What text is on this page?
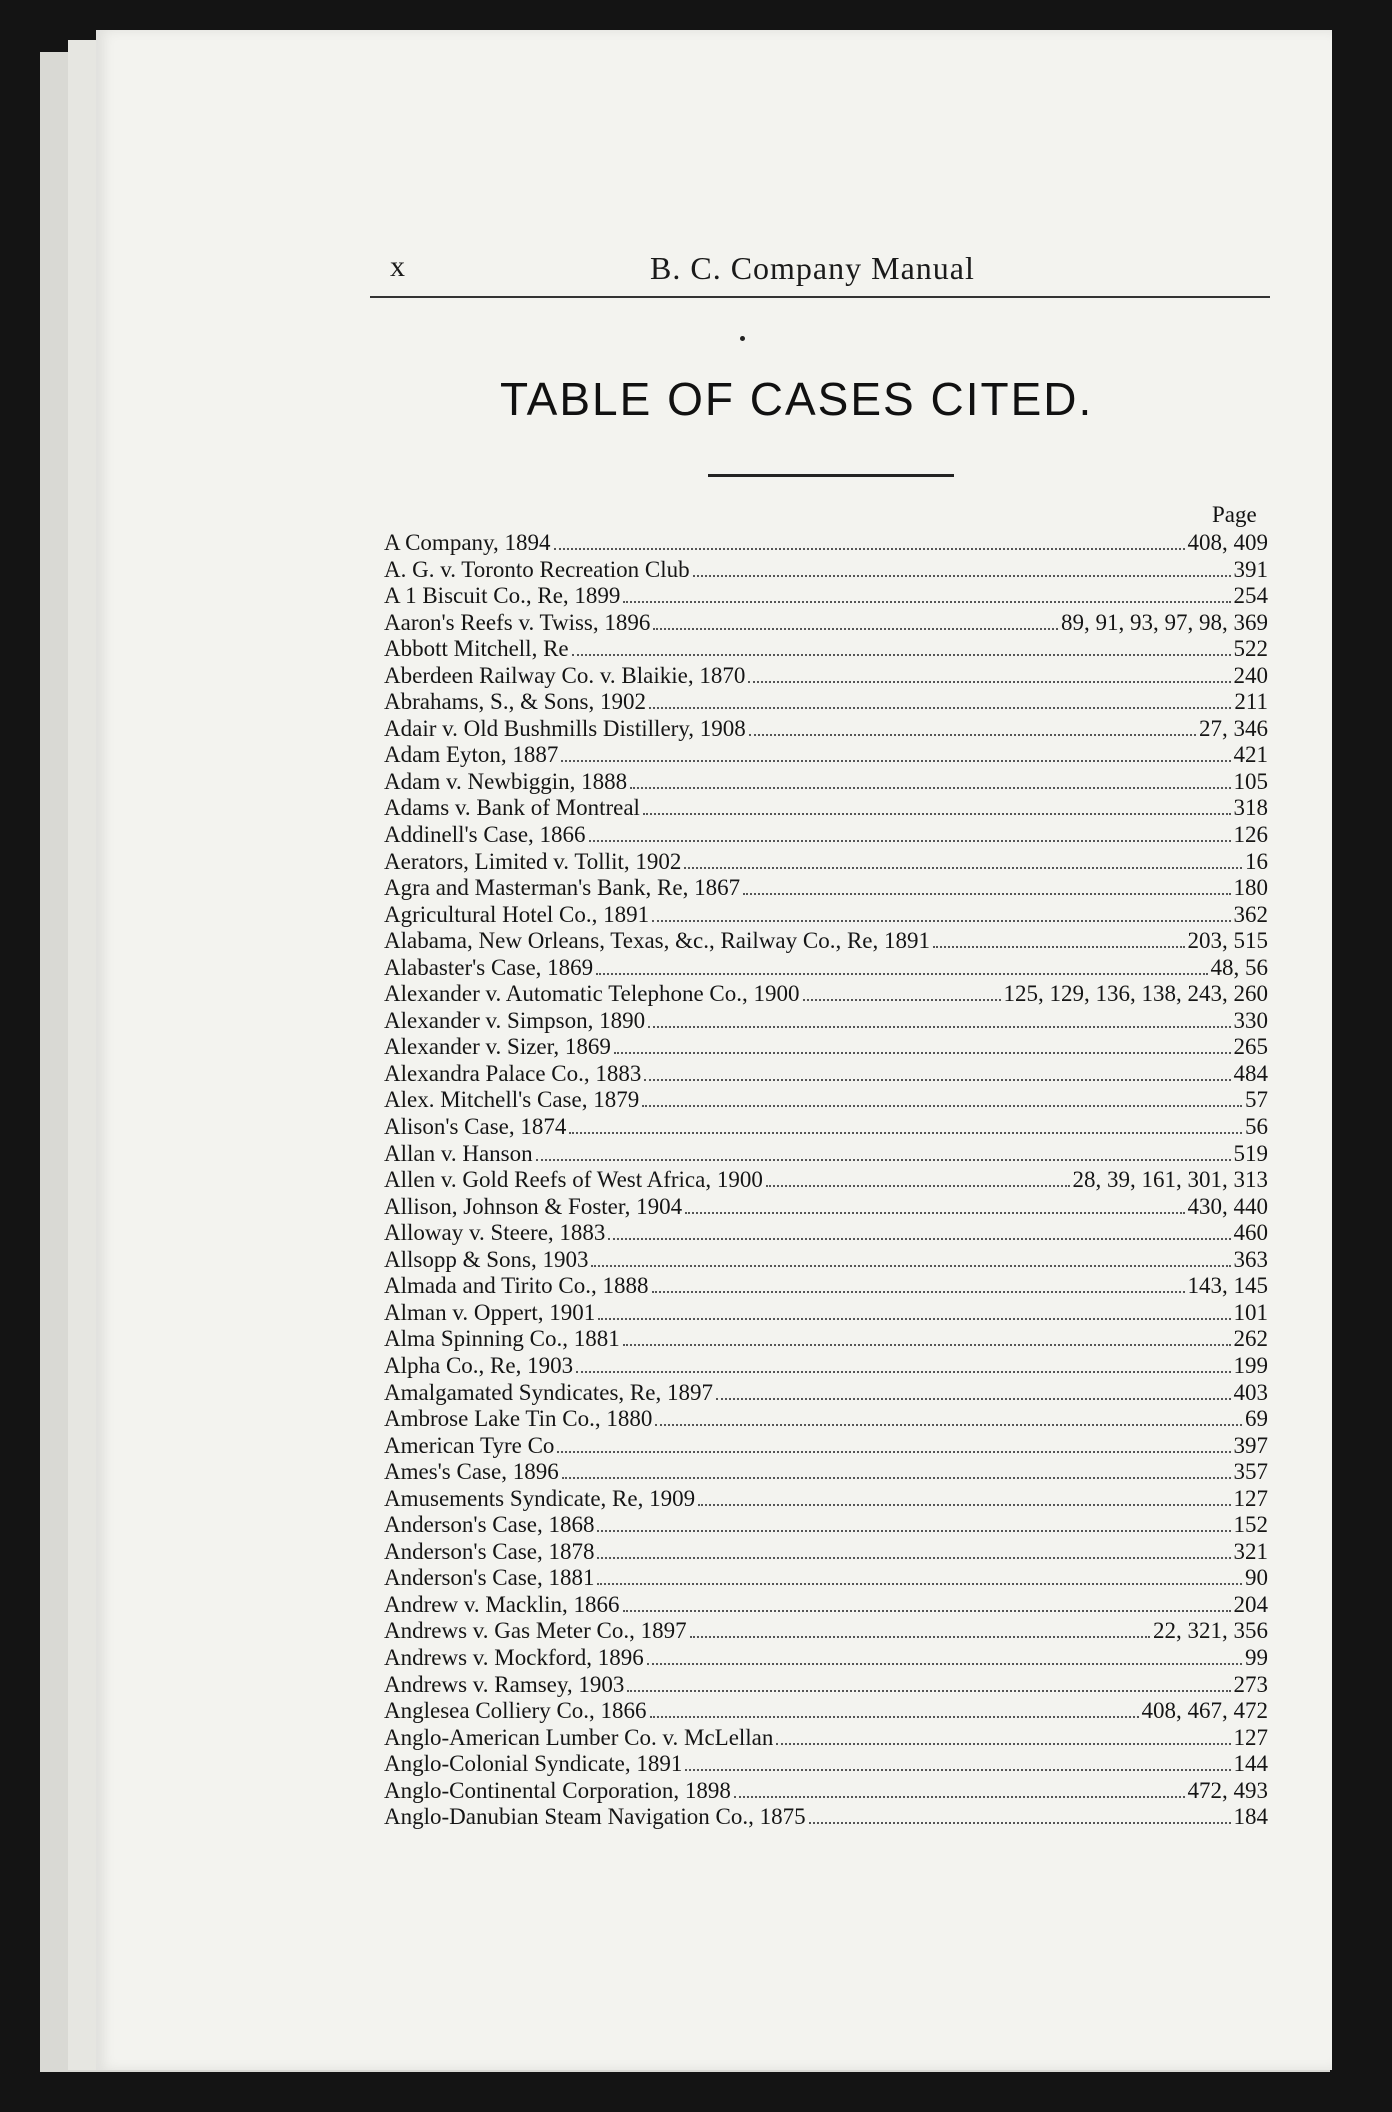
x	B. C. Company Manual
TABLE OF CASES CITED.
Page
A Company, 1894	408, 409
A. G. v. Toronto Recreation Club	391
A 1 Biscuit Co., Re, 1899	254
Aaron's Reefs v. Twiss, 1896	89, 91, 93, 97, 98, 369
Abbott Mitchell, Re	522
Aberdeen Railway Co. v. Blaikie, 1870	240
Abrahams, S., & Sons, 1902	211
Adair v. Old Bushmills Distillery, 1908	27, 346
Adam Eyton, 1887	421
Adam v. Newbiggin, 1888	105
Adams v. Bank of Montreal	318
Addinell's Case, 1866	126
Aerators, Limited v. Tollit, 1902	16
Agra and Masterman's Bank, Re, 1867	180
Agricultural Hotel Co., 1891	362
Alabama, New Orleans, Texas, &c., Railway Co., Re, 1891	203, 515
Alabaster's Case, 1869	48, 56
Alexander v. Automatic Telephone Co., 1900	125, 129, 136, 138, 243, 260
Alexander v. Simpson, 1890	330
Alexander v. Sizer, 1869	265
Alexandra Palace Co., 1883	484
Alex. Mitchell's Case, 1879	57
Alison's Case, 1874	56
Allan v. Hanson	519
Allen v. Gold Reefs of West Africa, 1900	28, 39, 161, 301, 313
Allison, Johnson & Foster, 1904	430, 440
Alloway v. Steere, 1883	460
Allsopp & Sons, 1903	363
Almada and Tirito Co., 1888	143, 145
Alman v. Oppert, 1901	101
Alma Spinning Co., 1881	262
Alpha Co., Re, 1903	199
Amalgamated Syndicates, Re, 1897	403
Ambrose Lake Tin Co., 1880	69
American Tyre Co	397
Ames's Case, 1896	357
Amusements Syndicate, Re, 1909	127
Anderson's Case, 1868	152
Anderson's Case, 1878	321
Anderson's Case, 1881	90
Andrew v. Macklin, 1866	204
Andrews v. Gas Meter Co., 1897	22, 321, 356
Andrews v. Mockford, 1896	99
Andrews v. Ramsey, 1903	273
Anglesea Colliery Co., 1866	408, 467, 472
Anglo-American Lumber Co. v. McLellan	127
Anglo-Colonial Syndicate, 1891	144
Anglo-Continental Corporation, 1898	472, 493
Anglo-Danubian Steam Navigation Co., 1875	184
